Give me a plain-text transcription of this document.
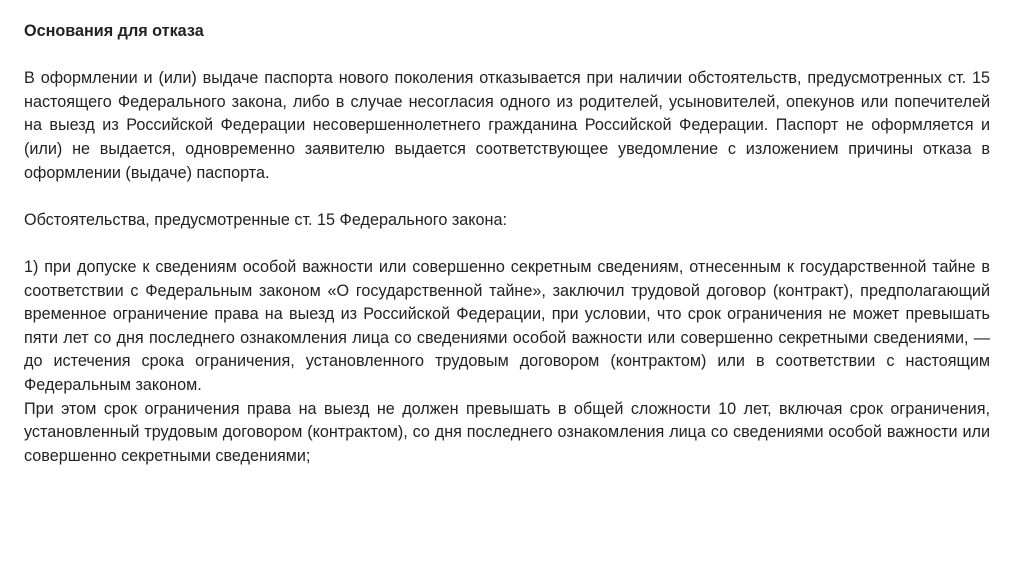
Основания для отказа

В оформлении и (или) выдаче паспорта нового поколения отказывается при наличии обстоятельств, предусмотренных ст. 15 настоящего Федерального закона, либо в случае несогласия одного из родителей, усыновителей, опекунов или попечителей на выезд из Российской Федерации несовершеннолетнего гражданина Российской Федерации. Паспорт не оформляется и (или) не выдается, одновременно заявителю выдается соответствующее уведомление с изложением причины отказа в оформлении (выдаче) паспорта.

Обстоятельства, предусмотренные ст. 15 Федерального закона:

1) при допуске к сведениям особой важности или совершенно секретным сведениям, отнесенным к государственной тайне в соответствии с Федеральным законом «О государственной тайне», заключил трудовой договор (контракт), предполагающий временное ограничение права на выезд из Российской Федерации, при условии, что срок ограничения не может превышать пяти лет со дня последнего ознакомления лица со сведениями особой важности или совершенно секретными сведениями, — до истечения срока ограничения, установленного трудовым договором (контрактом) или в соответствии с настоящим Федеральным законом.

При этом срок ограничения права на выезд не должен превышать в общей сложности 10 лет, включая срок ограничения, установленный трудовым договором (контрактом), со дня последнего ознакомления лица со сведениями особой важности или совершенно секретными сведениями;
